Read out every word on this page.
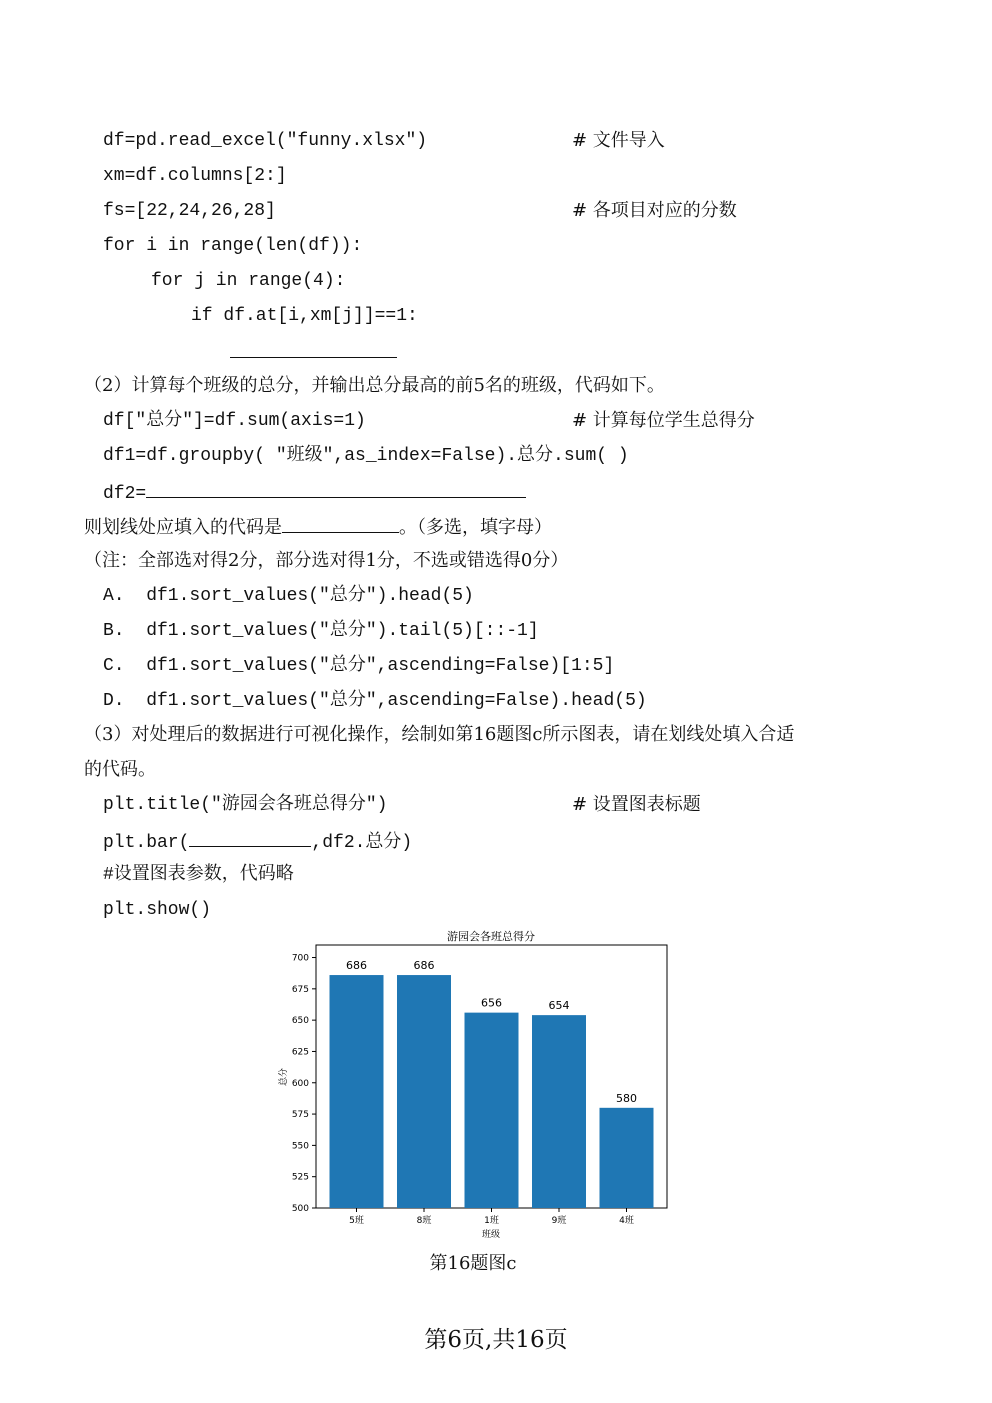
df=pd.read_excel("funny.xlsx")	# 文件导入
xm=df.columns[2:]
fs=[22,24,26,28]	# 各项目对应的分数
for i in range(len(df)):
for j in range(4):
if df.at[i,xm[j]]==1:
（2）计算每个班级的总分，并输出总分最高的前5名的班级，代码如下。
df["总分"]=df.sum(axis=1)	# 计算每位学生总得分
df1=df.groupby( "班级",as_index=False).总分.sum( )
df2=
则划线处应填入的代码是	。（多选，填字母）
（注：全部选对得2分，部分选对得1分，不选或错选得0分）
A.  df1.sort_values("总分").head(5)
B.  df1.sort_values("总分").tail(5)[::-1]
C.  df1.sort_values("总分",ascending=False)[1:5]
D.  df1.sort_values("总分",ascending=False).head(5)
（3）对处理后的数据进行可视化操作，绘制如第16题图c所示图表，请在划线处填入合适
的代码。
plt.title("游园会各班总得分")	# 设置图表标题
plt.bar(	,df2.总分)
#设置图表参数，代码略
plt.show()
游园会各班总得分
500
525
550
575
600
625
650
675
700
686	686
656	654
580
5班	8班	1班	9班	4班
班级
总分
第16题图c
第6页,共16页
